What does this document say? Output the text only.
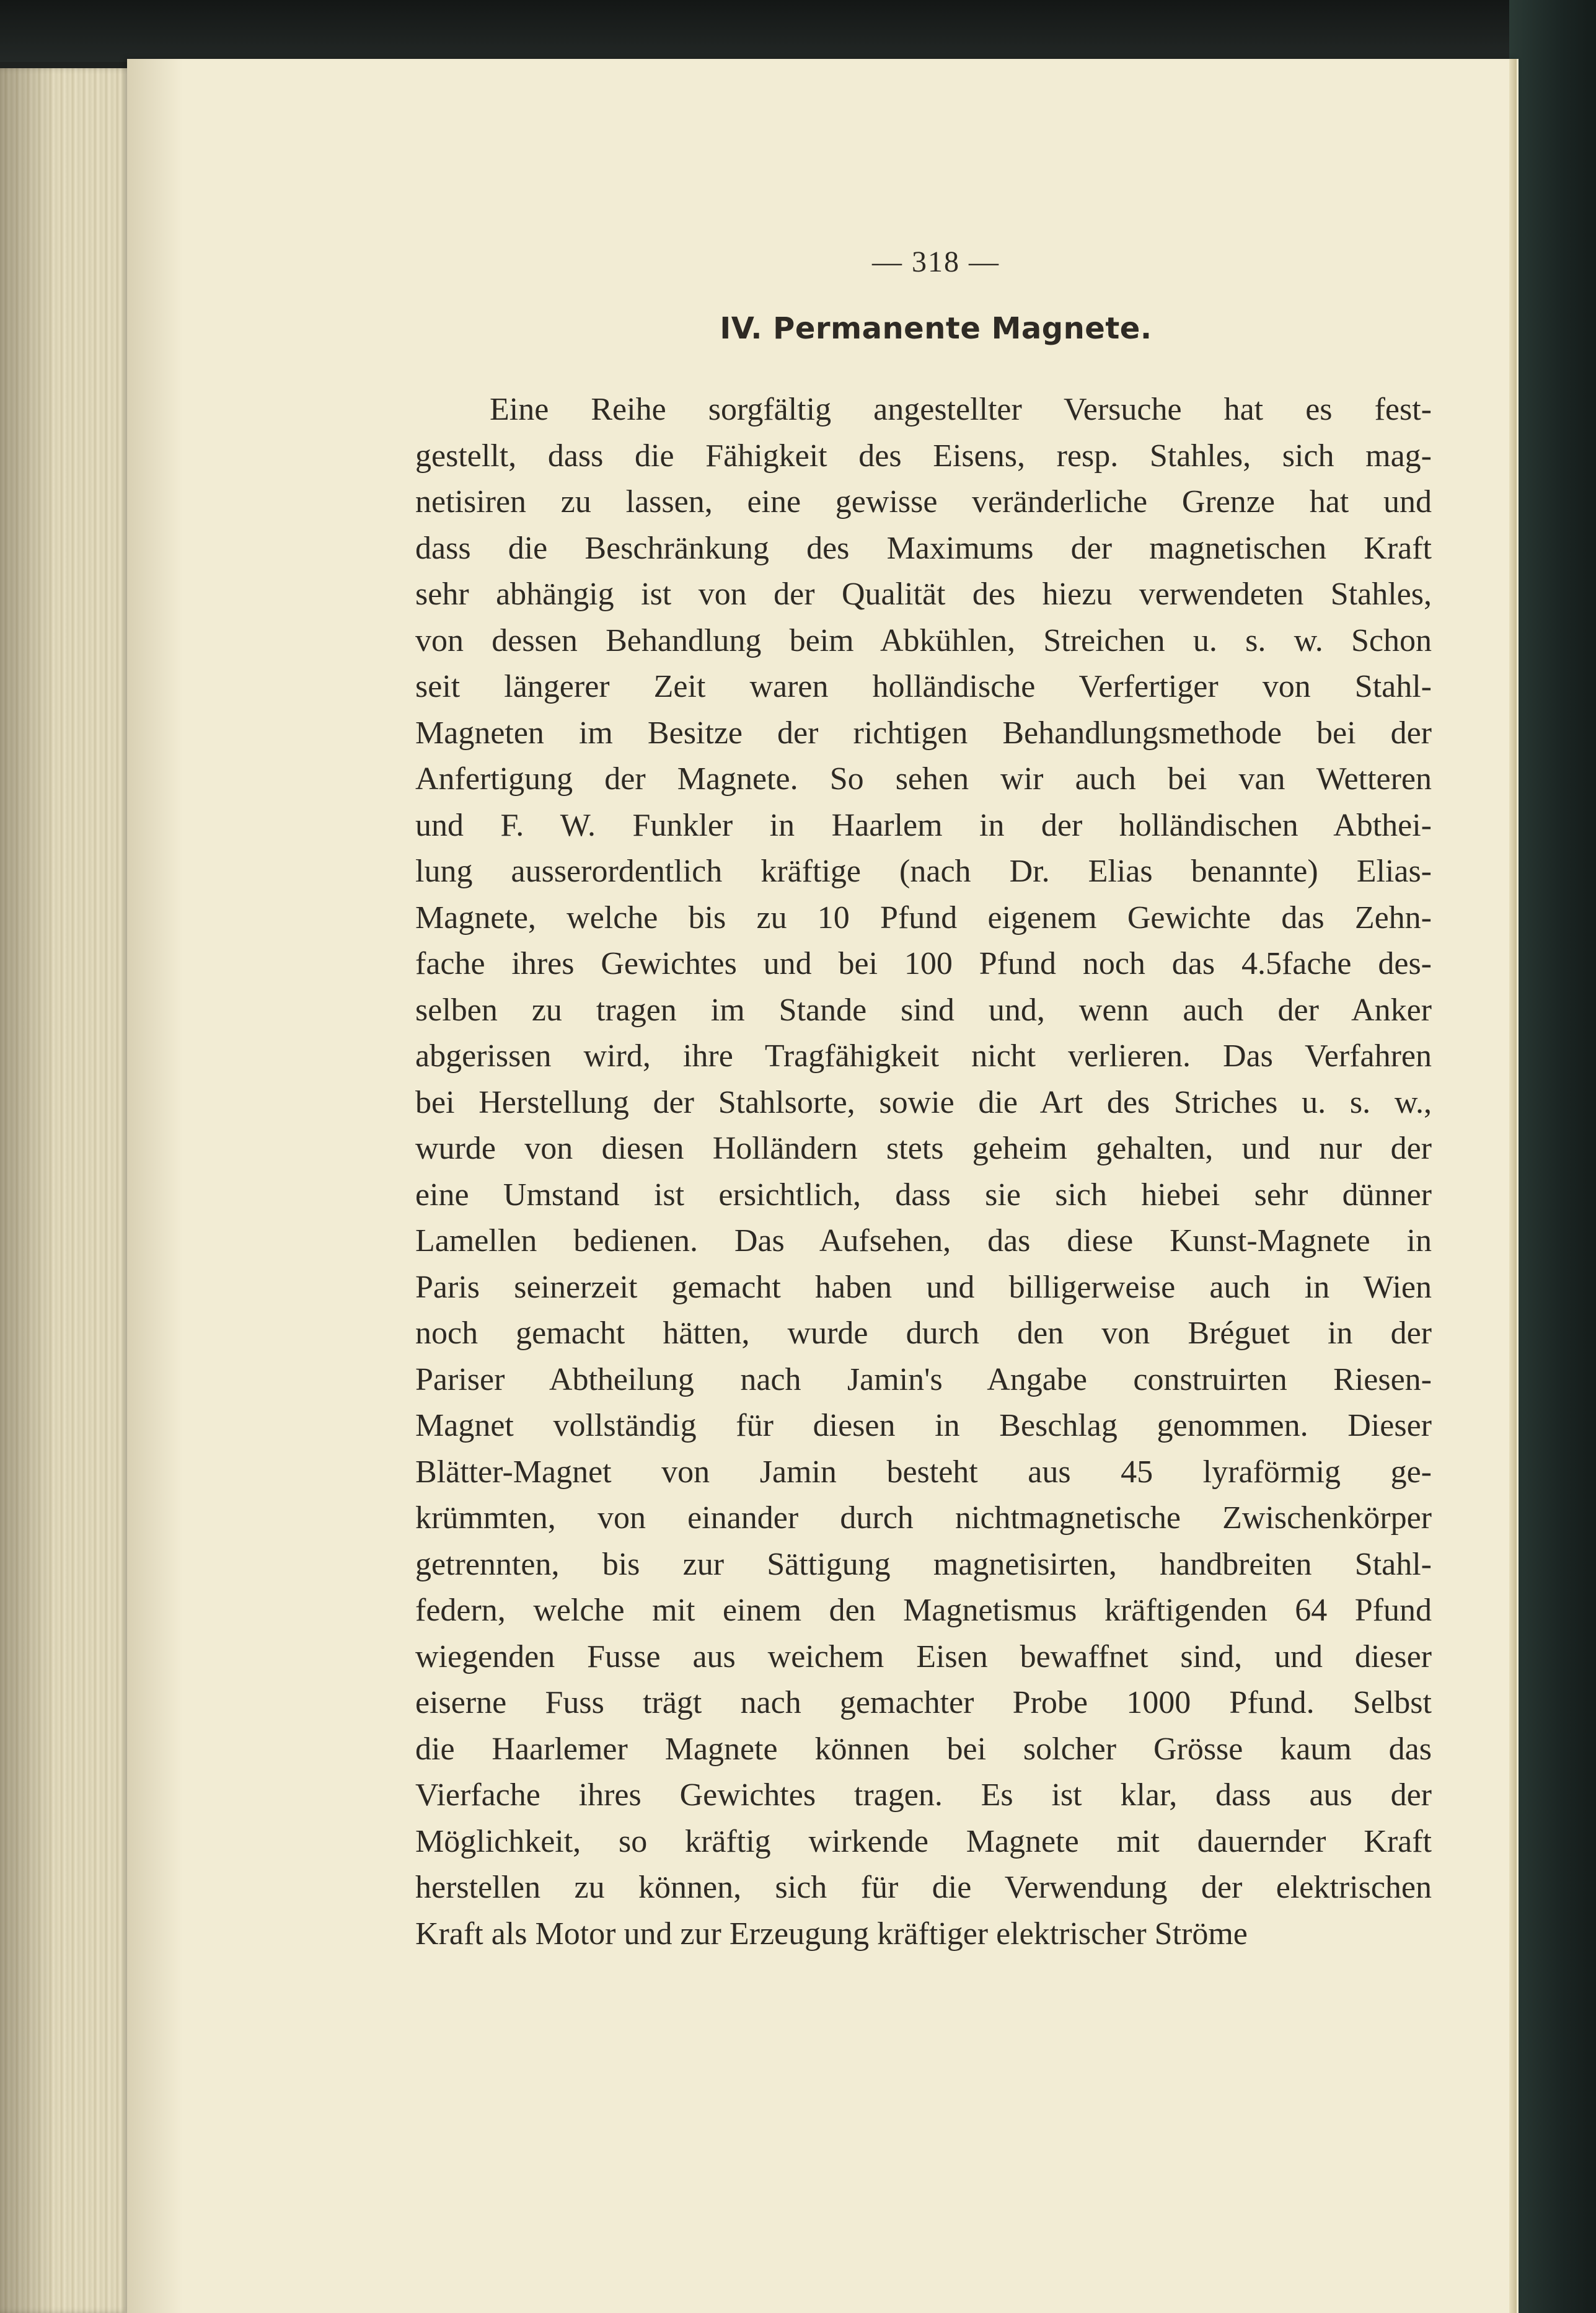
— 318 —
IV. Permanente Magnete.
Eine Reihe sorgfältig angestellter Versuche hat es fest-
gestellt, dass die Fähigkeit des Eisens, resp. Stahles, sich mag-
netisiren zu lassen, eine gewisse veränderliche Grenze hat und
dass die Beschränkung des Maximums der magnetischen Kraft
sehr abhängig ist von der Qualität des hiezu verwendeten Stahles,
von dessen Behandlung beim Abkühlen, Streichen u. s. w. Schon
seit längerer Zeit waren holländische Verfertiger von Stahl-
Magneten im Besitze der richtigen Behandlungsmethode bei der
Anfertigung der Magnete. So sehen wir auch bei van Wetteren
und F. W. Funkler in Haarlem in der holländischen Abthei-
lung ausserordentlich kräftige (nach Dr. Elias benannte) Elias-
Magnete, welche bis zu 10 Pfund eigenem Gewichte das Zehn-
fache ihres Gewichtes und bei 100 Pfund noch das 4.5fache des-
selben zu tragen im Stande sind und, wenn auch der Anker
abgerissen wird, ihre Tragfähigkeit nicht verlieren. Das Verfahren
bei Herstellung der Stahlsorte, sowie die Art des Striches u. s. w.,
wurde von diesen Holländern stets geheim gehalten, und nur der
eine Umstand ist ersichtlich, dass sie sich hiebei sehr dünner
Lamellen bedienen. Das Aufsehen, das diese Kunst-Magnete in
Paris seinerzeit gemacht haben und billigerweise auch in Wien
noch gemacht hätten, wurde durch den von Bréguet in der
Pariser Abtheilung nach Jamin's Angabe construirten Riesen-
Magnet vollständig für diesen in Beschlag genommen. Dieser
Blätter-Magnet von Jamin besteht aus 45 lyraförmig ge-
krümmten, von einander durch nichtmagnetische Zwischenkörper
getrennten, bis zur Sättigung magnetisirten, handbreiten Stahl-
federn, welche mit einem den Magnetismus kräftigenden 64 Pfund
wiegenden Fusse aus weichem Eisen bewaffnet sind, und dieser
eiserne Fuss trägt nach gemachter Probe 1000 Pfund. Selbst
die Haarlemer Magnete können bei solcher Grösse kaum das
Vierfache ihres Gewichtes tragen. Es ist klar, dass aus der
Möglichkeit, so kräftig wirkende Magnete mit dauernder Kraft
herstellen zu können, sich für die Verwendung der elektrischen
Kraft als Motor und zur Erzeugung kräftiger elektrischer Ströme
